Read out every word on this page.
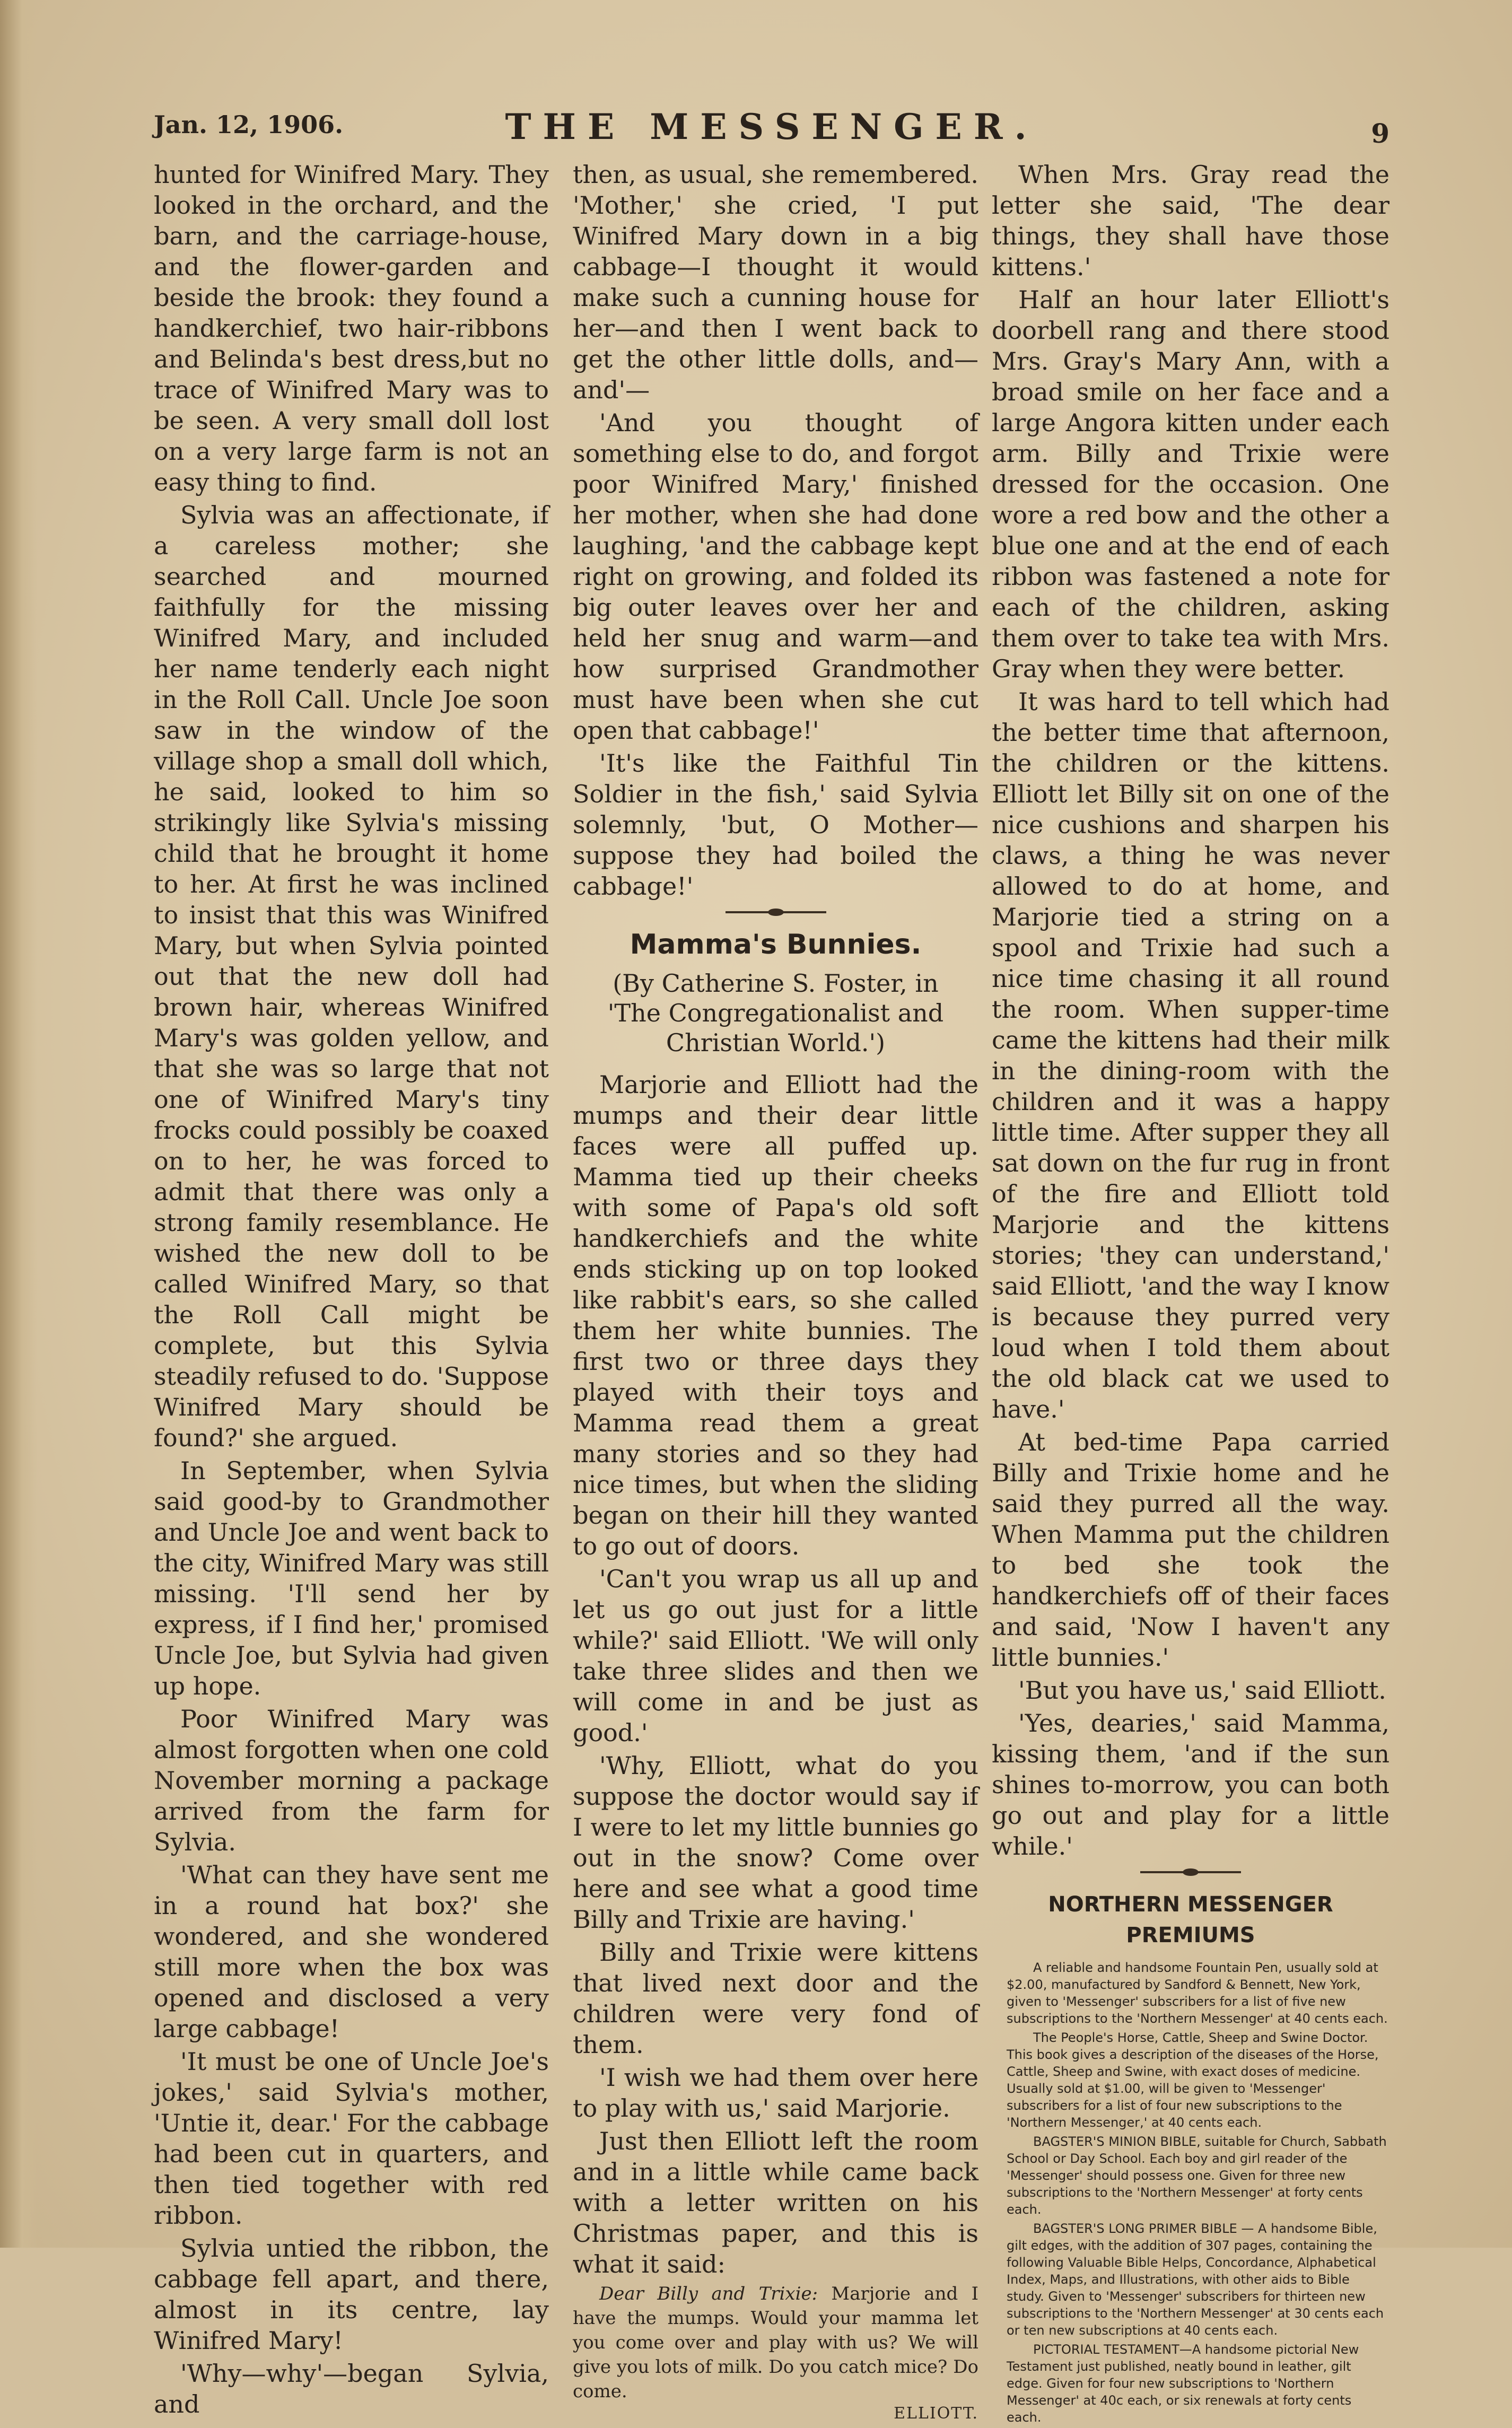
Jan. 12, 1906.	THE MESSENGER.	9

hunted for Winifred Mary. They looked in the orchard, and the barn, and the carriage-house, and the flower-garden and beside the brook: they found a handkerchief, two hair-ribbons and Belinda's best dress,but no trace of Winifred Mary was to be seen. A very small doll lost on a very large farm is not an easy thing to find.

Sylvia was an affectionate, if a careless mother; she searched and mourned faithfully for the missing Winifred Mary, and included her name tenderly each night in the Roll Call. Uncle Joe soon saw in the window of the village shop a small doll which, he said, looked to him so strikingly like Sylvia's missing child that he brought it home to her. At first he was inclined to insist that this was Winifred Mary, but when Sylvia pointed out that the new doll had brown hair, whereas Winifred Mary's was golden yellow, and that she was so large that not one of Winifred Mary's tiny frocks could possibly be coaxed on to her, he was forced to admit that there was only a strong family resemblance. He wished the new doll to be called Winifred Mary, so that the Roll Call might be complete, but this Sylvia steadily refused to do. 'Suppose Winifred Mary should be found?' she argued.

In September, when Sylvia said good-by to Grandmother and Uncle Joe and went back to the city, Winifred Mary was still missing. 'I'll send her by express, if I find her,' promised Uncle Joe, but Sylvia had given up hope.

Poor Winifred Mary was almost forgotten when one cold November morning a package arrived from the farm for Sylvia.

'What can they have sent me in a round hat box?' she wondered, and she wondered still more when the box was opened and disclosed a very large cabbage!

'It must be one of Uncle Joe's jokes,' said Sylvia's mother, 'Untie it, dear.' For the cabbage had been cut in quarters, and then tied together with red ribbon.

Sylvia untied the ribbon, the cabbage fell apart, and there, almost in its centre, lay Winifred Mary!

'Why—why'—began Sylvia, and

then, as usual, she remembered. 'Mother,' she cried, 'I put Winifred Mary down in a big cabbage—I thought it would make such a cunning house for her—and then I went back to get the other little dolls, and—and'—

'And you thought of something else to do, and forgot poor Winifred Mary,' finished her mother, when she had done laughing, 'and the cabbage kept right on growing, and folded its big outer leaves over her and held her snug and warm—and how surprised Grandmother must have been when she cut open that cabbage!'

'It's like the Faithful Tin Soldier in the fish,' said Sylvia solemnly, 'but, O Mother—suppose they had boiled the cabbage!'

Mamma's Bunnies.
(By Catherine S. Foster, in 'The Congregationalist and Christian World.')

Marjorie and Elliott had the mumps and their dear little faces were all puffed up. Mamma tied up their cheeks with some of Papa's old soft handkerchiefs and the white ends sticking up on top looked like rabbit's ears, so she called them her white bunnies. The first two or three days they played with their toys and Mamma read them a great many stories and so they had nice times, but when the sliding began on their hill they wanted to go out of doors.

'Can't you wrap us all up and let us go out just for a little while?' said Elliott. 'We will only take three slides and then we will come in and be just as good.'

'Why, Elliott, what do you suppose the doctor would say if I were to let my little bunnies go out in the snow? Come over here and see what a good time Billy and Trixie are having.'

Billy and Trixie were kittens that lived next door and the children were very fond of them.

'I wish we had them over here to play with us,' said Marjorie.

Just then Elliott left the room and in a little while came back with a letter written on his Christmas paper, and this is what it said:

Dear Billy and Trixie: Marjorie and I have the mumps. Would your mamma let you come over and play with us? We will give you lots of milk. Do you catch mice? Do come.
ELLIOTT.

When Mrs. Gray read the letter she said, 'The dear things, they shall have those kittens.'

Half an hour later Elliott's doorbell rang and there stood Mrs. Gray's Mary Ann, with a broad smile on her face and a large Angora kitten under each arm. Billy and Trixie were dressed for the occasion. One wore a red bow and the other a blue one and at the end of each ribbon was fastened a note for each of the children, asking them over to take tea with Mrs. Gray when they were better.

It was hard to tell which had the better time that afternoon, the children or the kittens. Elliott let Billy sit on one of the nice cushions and sharpen his claws, a thing he was never allowed to do at home, and Marjorie tied a string on a spool and Trixie had such a nice time chasing it all round the room. When supper-time came the kittens had their milk in the dining-room with the children and it was a happy little time. After supper they all sat down on the fur rug in front of the fire and Elliott told Marjorie and the kittens stories; 'they can understand,' said Elliott, 'and the way I know is because they purred very loud when I told them about the old black cat we used to have.'

At bed-time Papa carried Billy and Trixie home and he said they purred all the way. When Mamma put the children to bed she took the handkerchiefs off of their faces and said, 'Now I haven't any little bunnies.'

'But you have us,' said Elliott.

'Yes, dearies,' said Mamma, kissing them, 'and if the sun shines to-morrow, you can both go out and play for a little while.'

NORTHERN MESSENGER PREMIUMS

A reliable and handsome Fountain Pen, usually sold at $2.00, manufactured by Sandford & Bennett, New York, given to 'Messenger' subscribers for a list of five new subscriptions to the 'Northern Messenger' at 40 cents each.

The People's Horse, Cattle, Sheep and Swine Doctor. This book gives a description of the diseases of the Horse, Cattle, Sheep and Swine, with exact doses of medicine. Usually sold at $1.00, will be given to 'Messenger' subscribers for a list of four new subscriptions to the 'Northern Messenger,' at 40 cents each.

BAGSTER'S MINION BIBLE, suitable for Church, Sabbath School or Day School. Each boy and girl reader of the 'Messenger' should possess one. Given for three new subscriptions to the 'Northern Messenger' at forty cents each.

BAGSTER'S LONG PRIMER BIBLE — A handsome Bible, gilt edges, with the addition of 307 pages, containing the following Valuable Bible Helps, Concordance, Alphabetical Index, Maps, and Illustrations, with other aids to Bible study. Given to 'Messenger' subscribers for thirteen new subscriptions to the 'Northern Messenger' at 30 cents each or ten new subscriptions at 40 cents each.

PICTORIAL TESTAMENT—A handsome pictorial New Testament just published, neatly bound in leather, gilt edge. Given for four new subscriptions to 'Northern Messenger' at 40c each, or six renewals at forty cents each.
